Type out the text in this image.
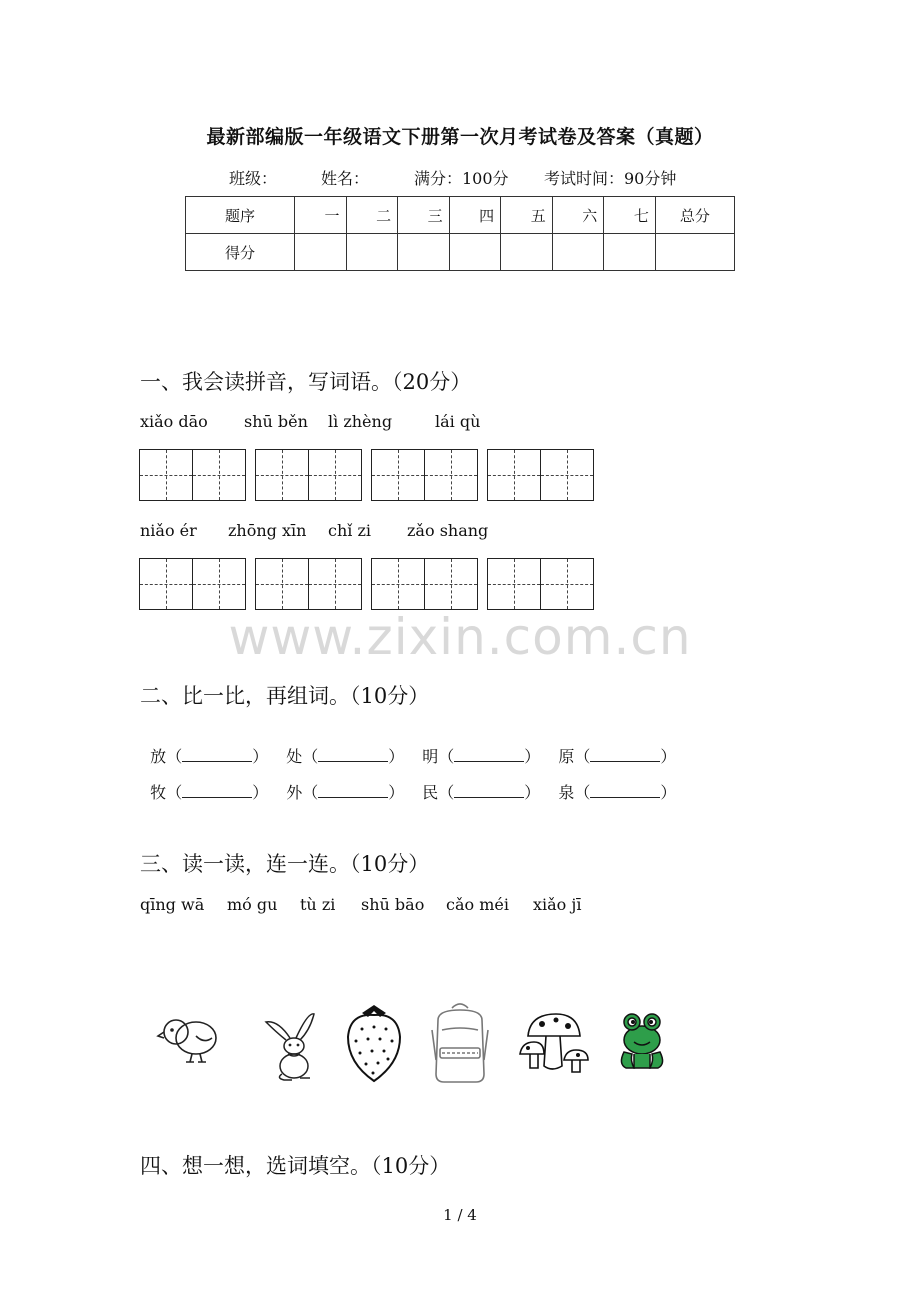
最新部编版一年级语文下册第一次月考试卷及答案（真题）
班级：	姓名：	满分：100分 考试时间：90分钟
题序	一	二	三	四	五	六	七	总分
得分								
一、我会读拼音，写词语。（20分）
xiǎo dāo shū běn lì zhèng	lái qù
niǎo ér zhōng xīn chǐ zi zǎo shang
www.zixin.com.cn
二、比一比，再组词。（10分）

放（	） 处（	） 明（	） 原（	）

牧（	） 外（	） 民（	） 泉（	）

三、读一读，连一连。（10分）
qīng wā mó gu tù zi shū bāo cǎo méi xiǎo jī
四、想一想，选词填空。（10分）
1 / 4
